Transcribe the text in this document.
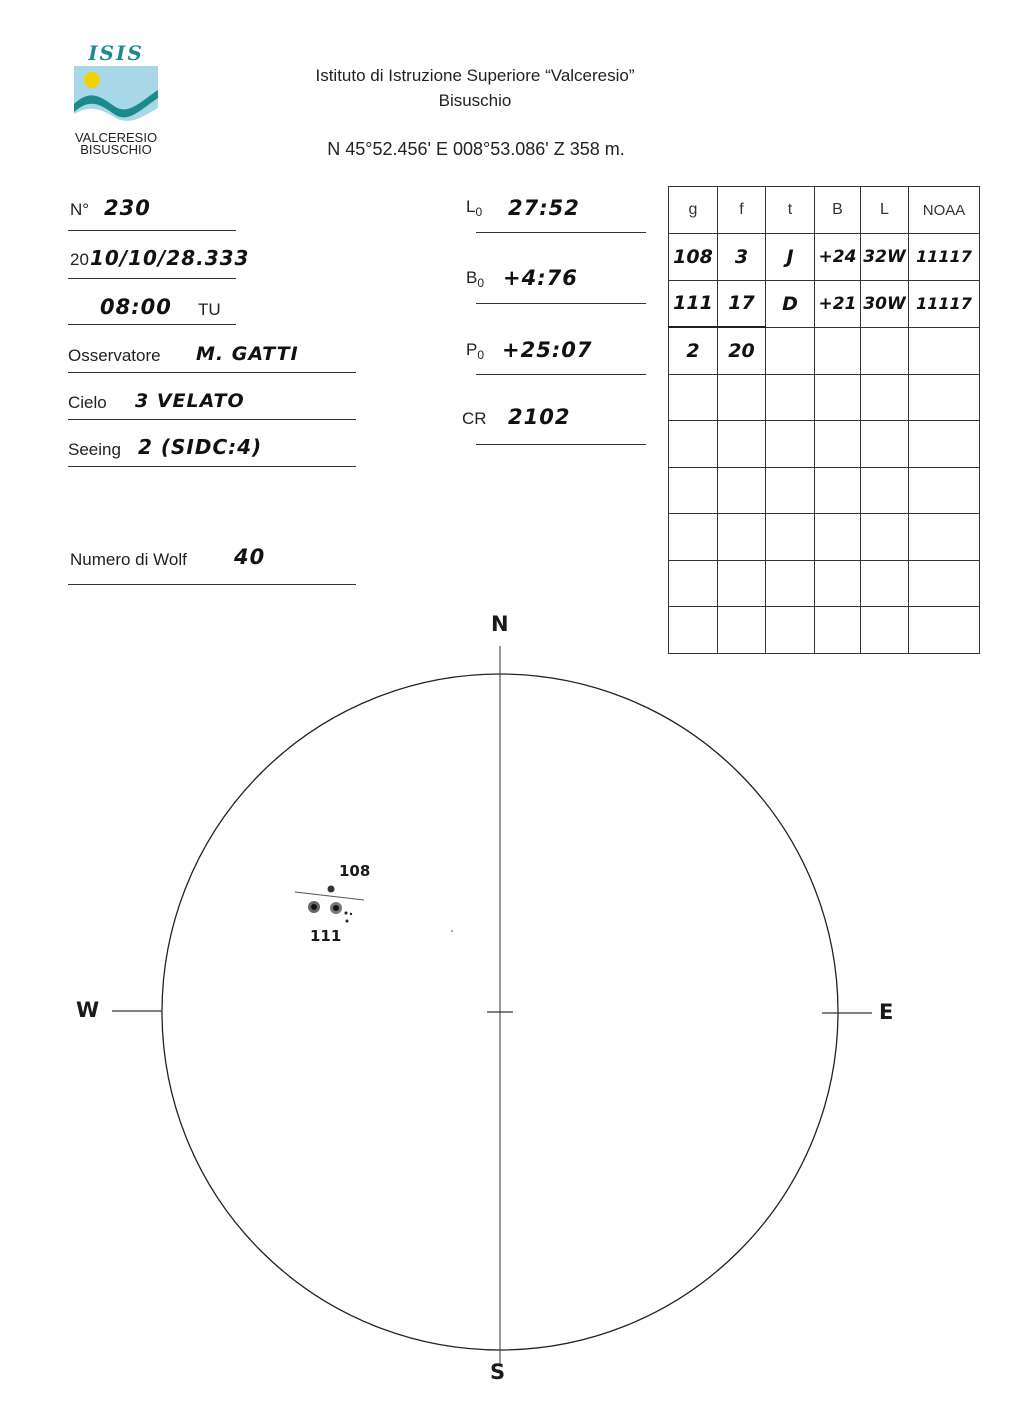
ISIS
VALCERESIO
BISUSCHIO
Istituto di Istruzione Superiore “Valceresio”
Bisuschio
N 45°52.456' E 008°53.086' Z 358 m.
N° 230
20 10/10/28.333
08:00 TU
Osservatore M. GATTI
Cielo 3 VELATO
Seeing 2 (SIDC:4)
Numero di Wolf 40
$L_0$ 27:52
$B_0$ +4:76
$P_0$ +25:07
CR 2102
g	f	t	B	L	NOAA
108	3	J	+24	32W	11117
111	17	D	+21	30W	11117
2	20				

N
S
E
W
108
111
